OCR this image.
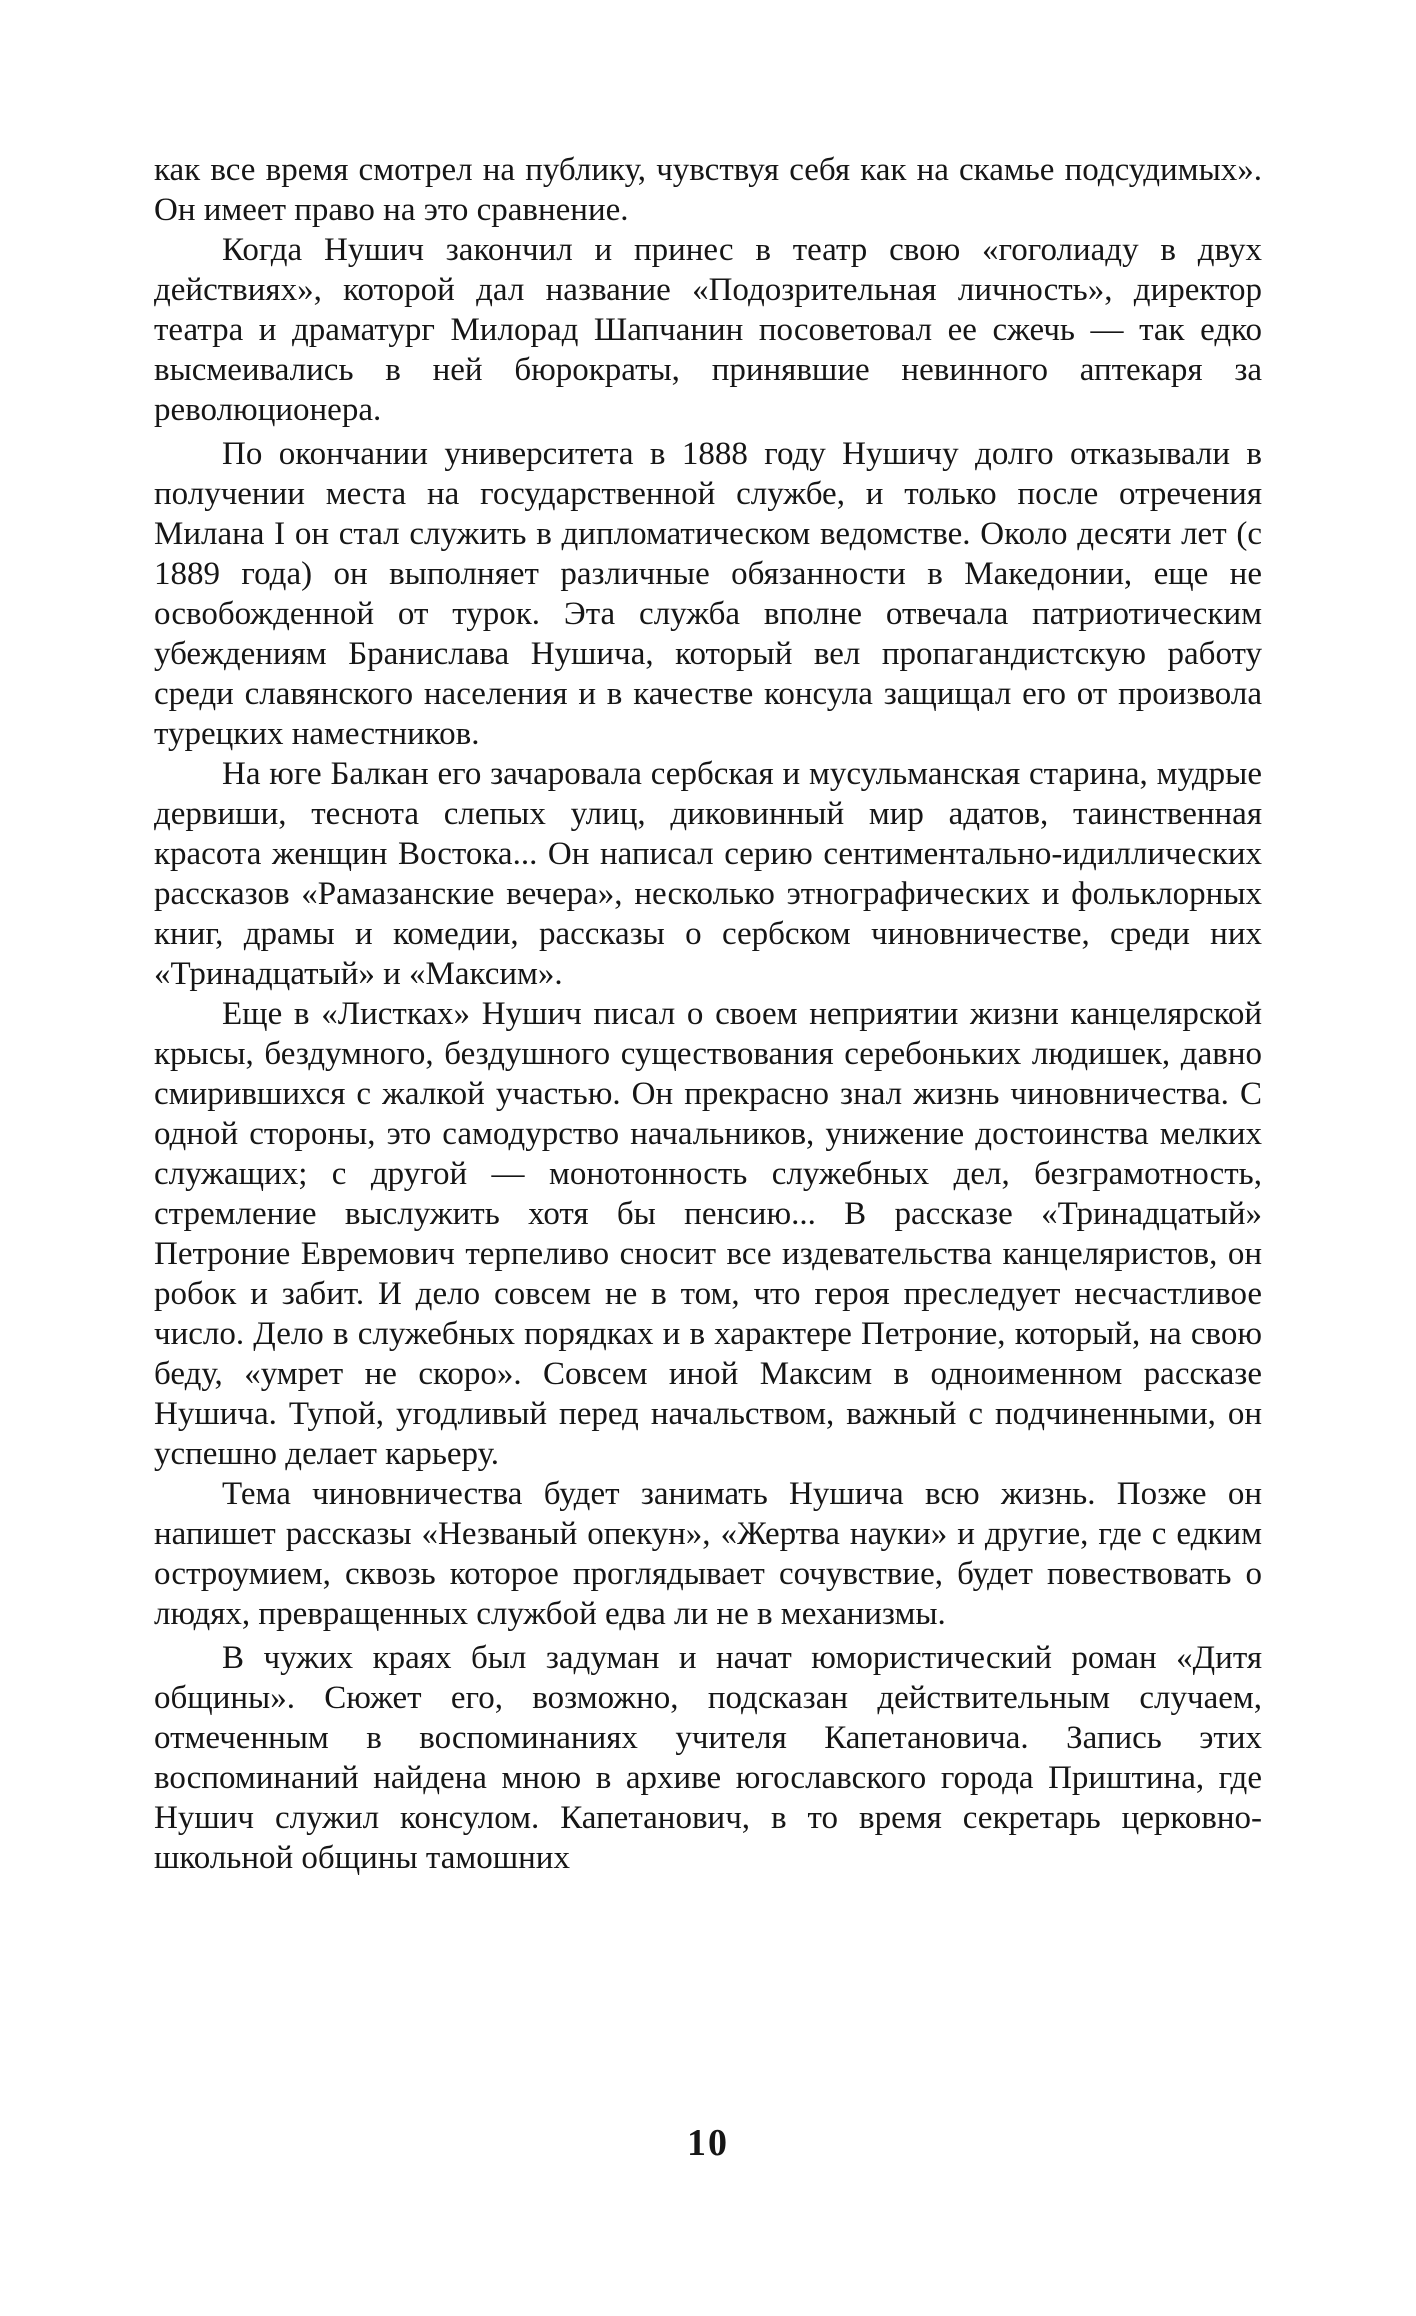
как все время смотрел на публику, чувствуя себя как на скамье подсудимых». Он имеет право на это сравнение.

Когда Нушич закончил и принес в театр свою «гоголиаду в двух действиях», которой дал название «Подозрительная личность», директор театра и драматург Милорад Шапчанин посоветовал ее сжечь — так едко высмеивались в ней бюрократы, принявшие невинного аптекаря за революционера.

По окончании университета в 1888 году Нушичу долго отказывали в получении места на государственной службе, и только после отречения Милана I он стал служить в дипломатическом ведомстве. Около десяти лет (с 1889 года) он выполняет различные обязанности в Македонии, еще не освобожденной от турок. Эта служба вполне отвечала патриотическим убеждениям Бранислава Нушича, который вел пропагандистскую работу среди славянского населения и в качестве консула защищал его от произвола турецких наместников.

На юге Балкан его зачаровала сербская и мусульманская старина, мудрые дервиши, теснота слепых улиц, диковинный мир адатов, таинственная красота женщин Востока... Он написал серию сентиментально-идиллических рассказов «Рамазанские вечера», несколько этнографических и фольклорных книг, драмы и комедии, рассказы о сербском чиновничестве, среди них «Тринадцатый» и «Максим».

Еще в «Листках» Нушич писал о своем неприятии жизни канцелярской крысы, бездумного, бездушного существования серебоньких людишек, давно смирившихся с жалкой участью. Он прекрасно знал жизнь чиновничества. С одной стороны, это самодурство начальников, унижение достоинства мелких служащих; с другой — монотонность служебных дел, безграмотность, стремление выслужить хотя бы пенсию... В рассказе «Тринадцатый» Петроние Евремович терпеливо сносит все издевательства канцеляристов, он робок и забит. И дело совсем не в том, что героя преследует несчастливое число. Дело в служебных порядках и в характере Петроние, который, на свою беду, «умрет не скоро». Совсем иной Максим в одноименном рассказе Нушича. Тупой, угодливый перед начальством, важный с подчиненными, он успешно делает карьеру.

Тема чиновничества будет занимать Нушича всю жизнь. Позже он напишет рассказы «Незваный опекун», «Жертва науки» и другие, где с едким остроумием, сквозь которое проглядывает сочувствие, будет повествовать о людях, превращенных службой едва ли не в механизмы.

В чужих краях был задуман и начат юмористический роман «Дитя общины». Сюжет его, возможно, подсказан действительным случаем, отмеченным в воспоминаниях учителя Капетановича. Запись этих воспоминаний найдена мною в архиве югославского города Приштина, где Нушич служил консулом. Капетанович, в то время секретарь церковно-школьной общины тамошних

10
